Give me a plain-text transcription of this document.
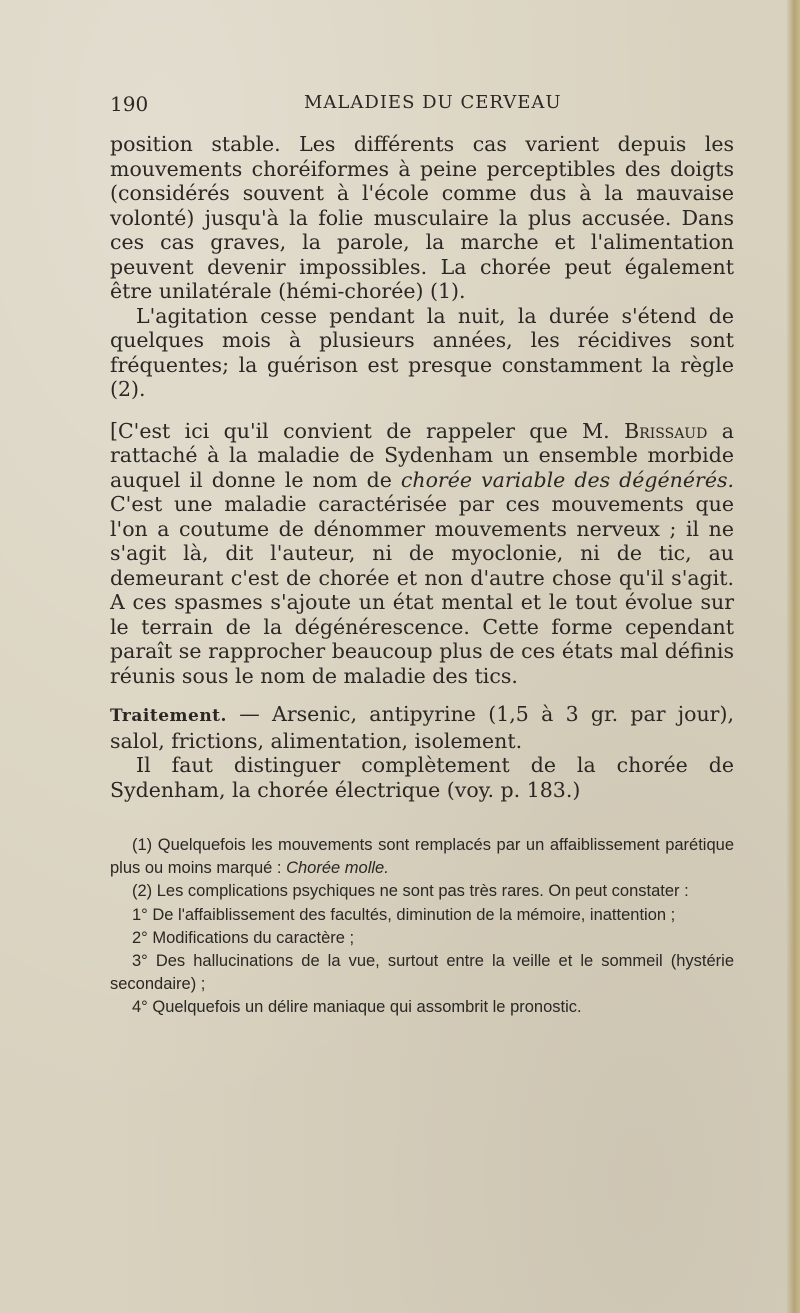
190	MALADIES DU CERVEAU

position stable. Les différents cas varient depuis les mouvements choréiformes à peine perceptibles des doigts (considérés souvent à l'école comme dus à la mauvaise volonté) jusqu'à la folie musculaire la plus accusée. Dans ces cas graves, la parole, la marche et l'alimentation peuvent devenir impossibles. La chorée peut également être unilatérale (hémi-chorée) (1).

L'agitation cesse pendant la nuit, la durée s'étend de quelques mois à plusieurs années, les récidives sont fréquentes; la guérison est presque constamment la règle (2).

[C'est ici qu'il convient de rappeler que M. Brissaud a rattaché à la maladie de Sydenham un ensemble morbide auquel il donne le nom de chorée variable des dégénérés. C'est une maladie caractérisée par ces mouvements que l'on a coutume de dénommer mouvements nerveux ; il ne s'agit là, dit l'auteur, ni de myoclonie, ni de tic, au demeurant c'est de chorée et non d'autre chose qu'il s'agit. A ces spasmes s'ajoute un état mental et le tout évolue sur le terrain de la dégénérescence. Cette forme cependant paraît se rapprocher beaucoup plus de ces états mal définis réunis sous le nom de maladie des tics.

Traitement. — Arsenic, antipyrine (1,5 à 3 gr. par jour), salol, frictions, alimentation, isolement.

Il faut distinguer complètement de la chorée de Sydenham, la chorée électrique (voy. p. 183.)

(1) Quelquefois les mouvements sont remplacés par un affaiblissement parétique plus ou moins marqué : Chorée molle.

(2) Les complications psychiques ne sont pas très rares. On peut constater :

1° De l'affaiblissement des facultés, diminution de la mémoire, inattention ;

2° Modifications du caractère ;

3° Des hallucinations de la vue, surtout entre la veille et le sommeil (hystérie secondaire) ;

4° Quelquefois un délire maniaque qui assombrit le pronostic.
